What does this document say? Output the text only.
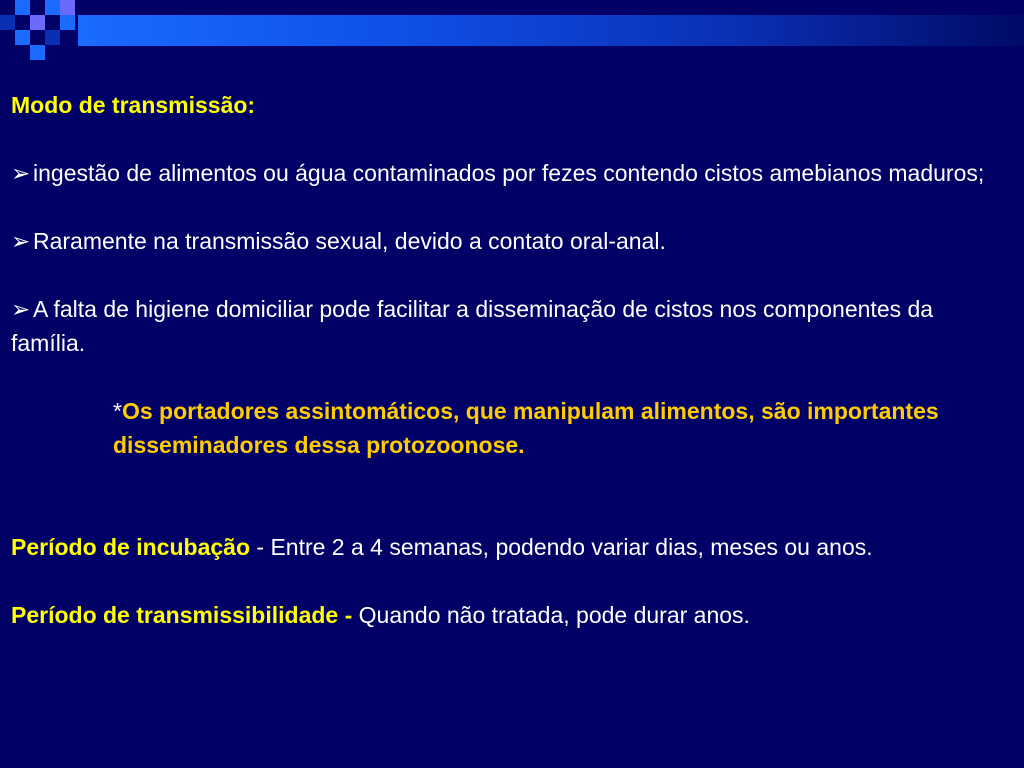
Modo de transmissão:

➢ ingestão de alimentos ou água contaminados por fezes contendo cistos amebianos maduros;

➢ Raramente na transmissão sexual, devido a contato oral-anal.

➢ A falta de higiene domiciliar pode facilitar a disseminação de cistos nos componentes da família.

*Os portadores assintomáticos, que manipulam alimentos, são importantes disseminadores dessa protozoonose.

Período de incubação - Entre 2 a 4 semanas, podendo variar dias, meses ou anos.

Período de transmissibilidade - Quando não tratada, pode durar anos.
